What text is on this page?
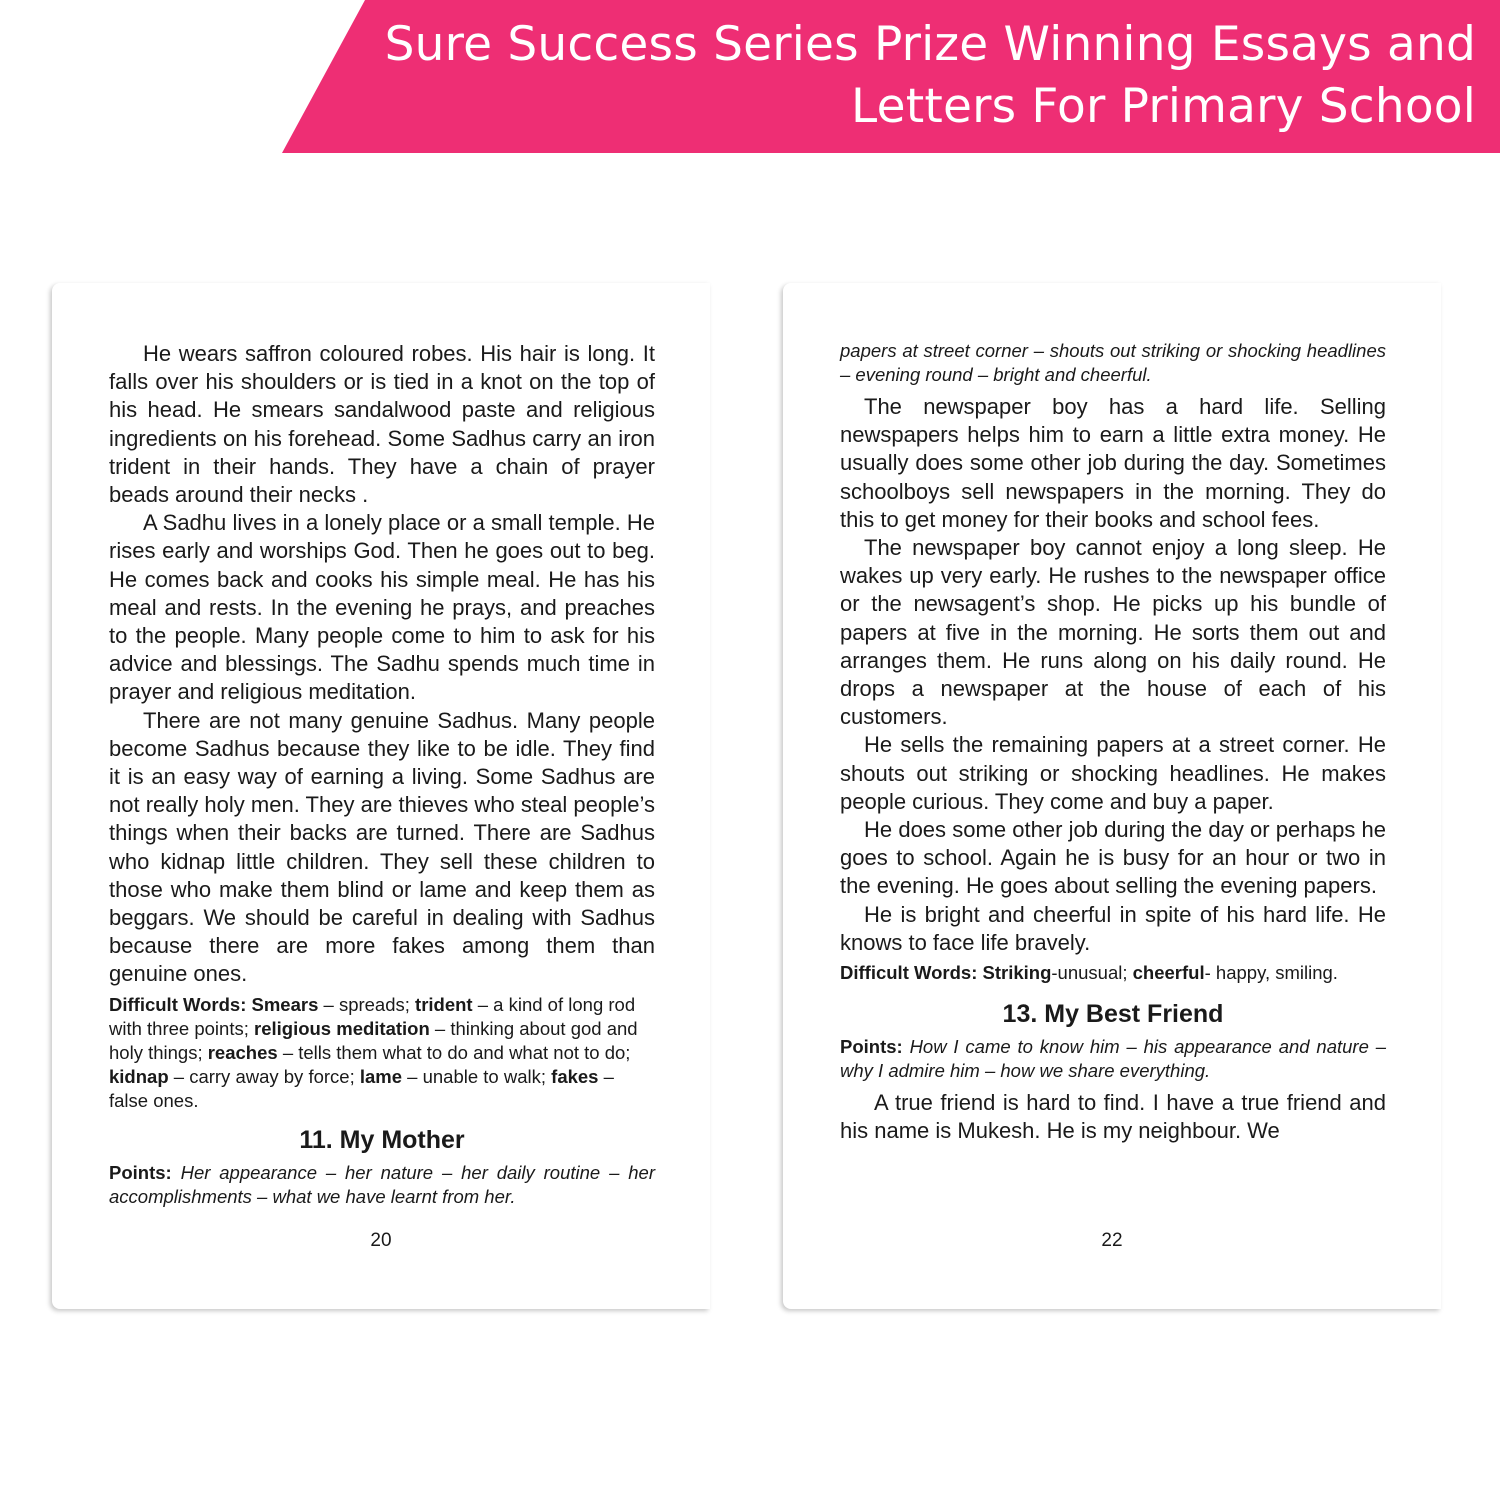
Sure Success Series Prize Winning Essays and
Letters For Primary School

He wears saffron coloured robes. His hair is long. It falls over his shoulders or is tied in a knot on the top of his head. He smears sandalwood paste and religious ingredients on his forehead. Some Sadhus carry an iron trident in their hands. They have a chain of prayer beads around their necks .

A Sadhu lives in a lonely place or a small temple. He rises early and worships God. Then he goes out to beg. He comes back and cooks his simple meal. He has his meal and rests. In the evening he prays, and preaches to the people. Many people come to him to ask for his advice and blessings. The Sadhu spends much time in prayer and religious meditation.

There are not many genuine Sadhus. Many people become Sadhus because they like to be idle. They find it is an easy way of earning a living. Some Sadhus are not really holy men. They are thieves who steal people’s things when their backs are turned. There are Sadhus who kidnap little children. They sell these children to those who make them blind or lame and keep them as beggars. We should be careful in dealing with Sadhus because there are more fakes among them than genuine ones.

Difficult Words: Smears – spreads; trident – a kind of long rod with three points; religious meditation – thinking about god and holy things; reaches – tells them what to do and what not to do; kidnap – carry away by force; lame – unable to walk; fakes – false ones.

11. My Mother

Points: Her appearance – her nature – her daily routine – her accomplishments – what we have learnt from her.

20

papers at street corner – shouts out striking or shocking headlines – evening round – bright and cheerful.

The newspaper boy has a hard life. Selling newspapers helps him to earn a little extra money. He usually does some other job during the day. Sometimes schoolboys sell newspapers in the morning. They do this to get money for their books and school fees.

The newspaper boy cannot enjoy a long sleep. He wakes up very early. He rushes to the newspaper office or the newsagent’s shop. He picks up his bundle of papers at five in the morning. He sorts them out and arranges them. He runs along on his daily round. He drops a newspaper at the house of each of his customers.

He sells the remaining papers at a street corner. He shouts out striking or shocking headlines. He makes people curious. They come and buy a paper.

He does some other job during the day or perhaps he goes to school. Again he is busy for an hour or two in the evening. He goes about selling the evening papers.

He is bright and cheerful in spite of his hard life. He knows to face life bravely.

Difficult Words: Striking-unusual; cheerful- happy, smiling.

13. My Best Friend

Points: How I came to know him – his appearance and nature – why I admire him – how we share everything.

A true friend is hard to find. I have a true friend and his name is Mukesh. He is my neighbour. We

22
